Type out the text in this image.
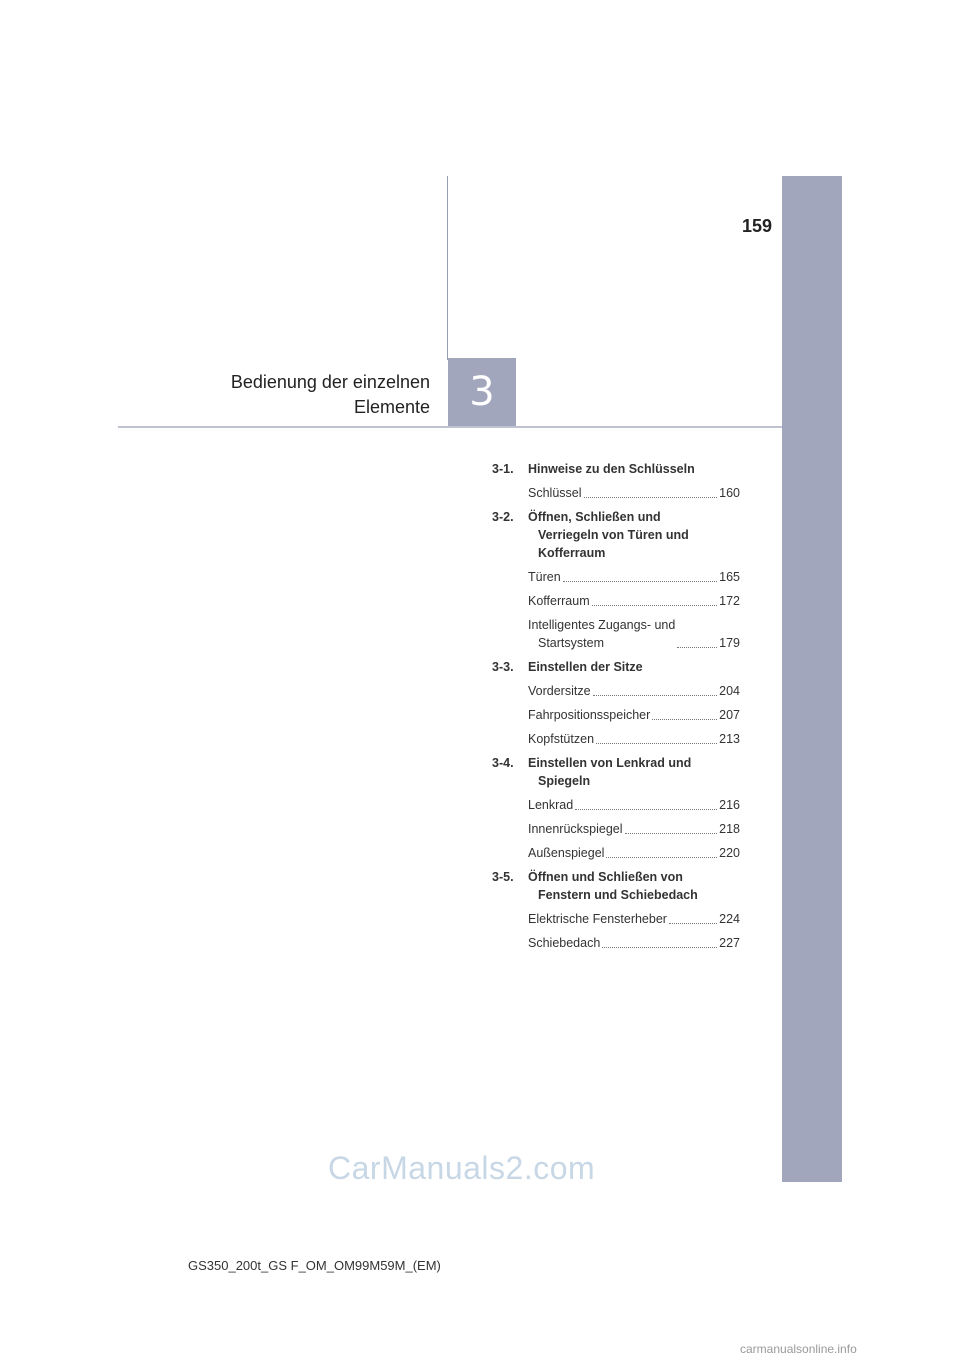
159
Bedienung der einzelnen
Elemente 3
3-1.	Hinweise zu den Schlüsseln
Schlüssel	160
3-2.	Öffnen, Schließen und
Verriegeln von Türen und
Kofferraum
Türen	165
Kofferraum	172
Intelligentes Zugangs- und
Startsystem	179
3-3.	Einstellen der Sitze
Vordersitze	204
Fahrpositionsspeicher	207
Kopfstützen	213
3-4.	Einstellen von Lenkrad und
Spiegeln
Lenkrad	216
Innenrückspiegel	218
Außenspiegel	220
3-5.	Öffnen und Schließen von
Fenstern und Schiebedach
Elektrische Fensterheber	224
Schiebedach	227
CarManuals2.com
GS350_200t_GS F_OM_OM99M59M_(EM)
carmanualsonline.info
